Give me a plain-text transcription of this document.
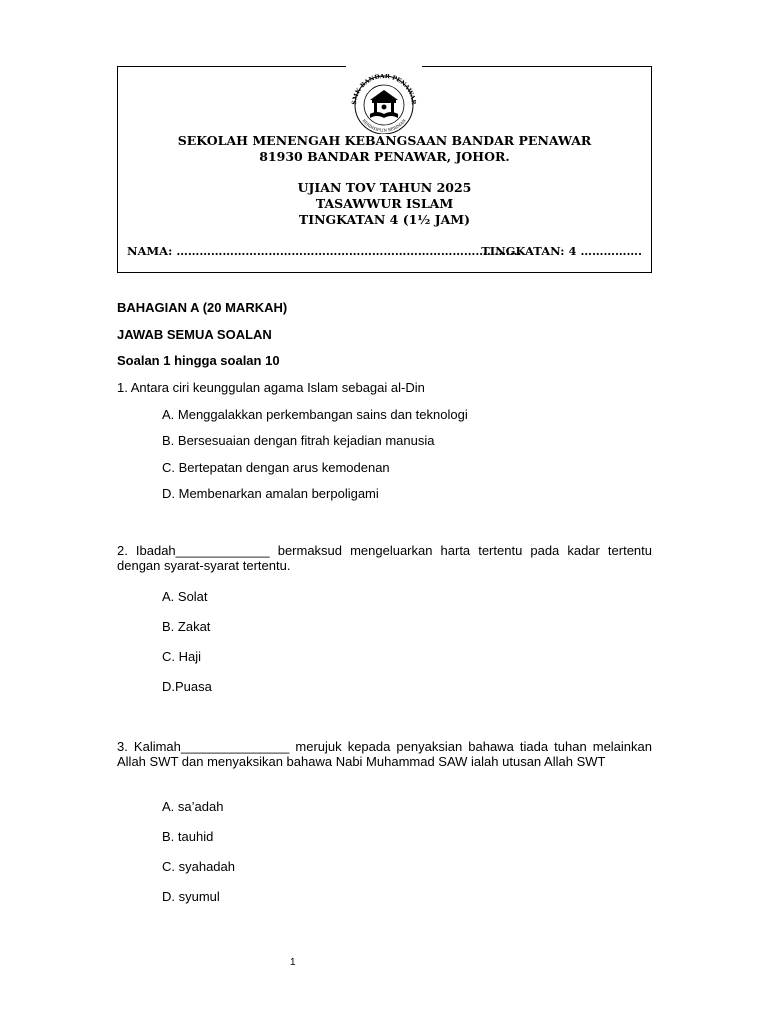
SMK BANDAR PENAWAR
BERDISIPLIN BERIMAN
SEKOLAH MENENGAH KEBANGSAAN BANDAR PENAWAR
81930 BANDAR PENAWAR, JOHOR.
UJIAN TOV TAHUN 2025
TASAWWUR ISLAM
TINGKATAN 4 (1½ JAM)
NAMA: ………………………………………………………………………………
TINGKATAN: 4 …………….
BAHAGIAN A (20 MARKAH)
JAWAB SEMUA SOALAN
Soalan 1 hingga soalan 10
1. Antara ciri keunggulan agama Islam sebagai al-Din
A. Menggalakkan perkembangan sains dan teknologi
B. Bersesuaian dengan fitrah kejadian manusia
C. Bertepatan dengan arus kemodenan
D. Membenarkan amalan berpoligami
2. Ibadah_____________ bermaksud mengeluarkan harta tertentu pada kadar tertentu dengan syarat-syarat tertentu.
A. Solat
B. Zakat
C. Haji
D.Puasa
3. Kalimah_______________ merujuk kepada penyaksian bahawa tiada tuhan melainkan Allah SWT dan menyaksikan bahawa Nabi Muhammad SAW ialah utusan Allah SWT
A. sa’adah
B. tauhid
C. syahadah
D. syumul
1
